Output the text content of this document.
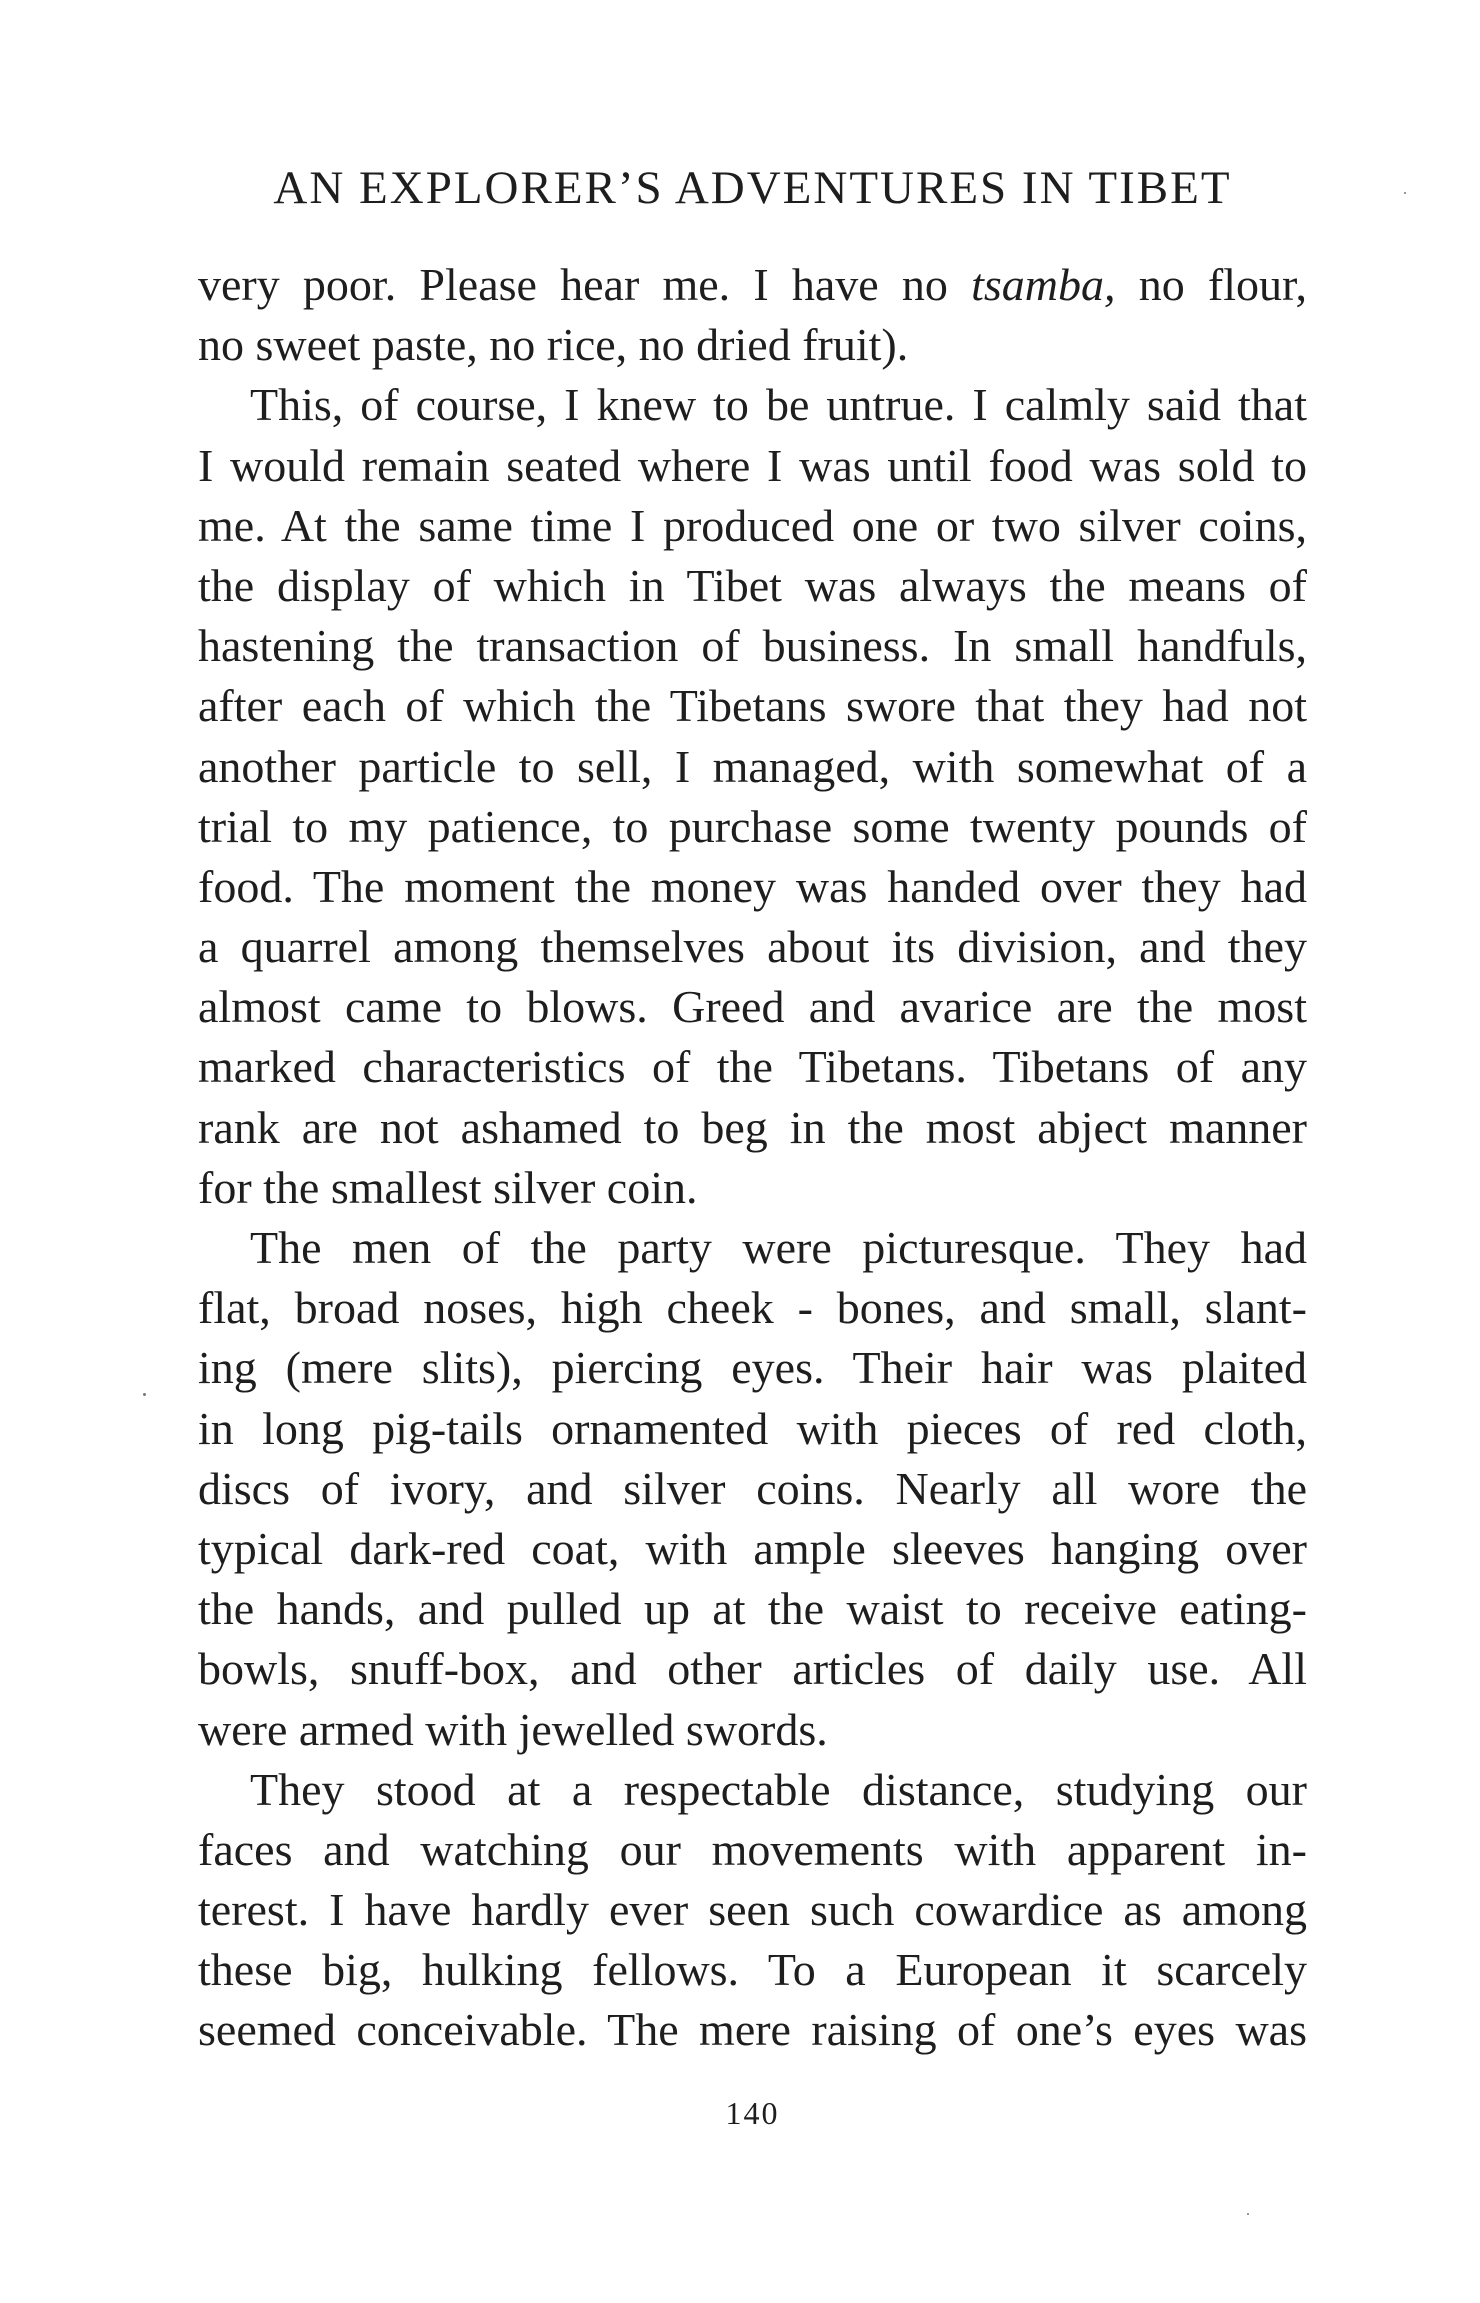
AN EXPLORER’S ADVENTURES IN TIBET
very poor. Please hear me. I have no tsamba, no flour,
no sweet paste, no rice, no dried fruit).
This, of course, I knew to be untrue. I calmly said that
I would remain seated where I was until food was sold to
me. At the same time I produced one or two silver coins,
the display of which in Tibet was always the means of
hastening the transaction of business. In small handfuls,
after each of which the Tibetans swore that they had not
another particle to sell, I managed, with somewhat of a
trial to my patience, to purchase some twenty pounds of
food. The moment the money was handed over they had
a quarrel among themselves about its division, and they
almost came to blows. Greed and avarice are the most
marked characteristics of the Tibetans. Tibetans of any
rank are not ashamed to beg in the most abject manner
for the smallest silver coin.
The men of the party were picturesque. They had
flat, broad noses, high cheek - bones, and small, slant-
ing (mere slits), piercing eyes. Their hair was plaited
in long pig-tails ornamented with pieces of red cloth,
discs of ivory, and silver coins. Nearly all wore the
typical dark-red coat, with ample sleeves hanging over
the hands, and pulled up at the waist to receive eating-
bowls, snuff-box, and other articles of daily use. All
were armed with jewelled swords.
They stood at a respectable distance, studying our
faces and watching our movements with apparent in-
terest. I have hardly ever seen such cowardice as among
these big, hulking fellows. To a European it scarcely
seemed conceivable. The mere raising of one’s eyes was
140
